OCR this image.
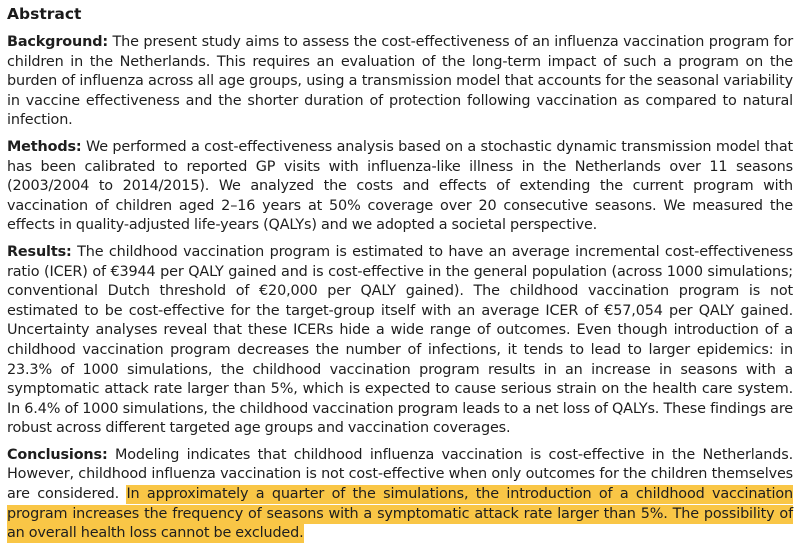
Abstract

Background: The present study aims to assess the cost-effectiveness of an influenza vaccination program for children in the Netherlands. This requires an evaluation of the long-term impact of such a program on the burden of influenza across all age groups, using a transmission model that accounts for the seasonal variability in vaccine effectiveness and the shorter duration of protection following vaccination as compared to natural infection.

Methods: We performed a cost-effectiveness analysis based on a stochastic dynamic transmission model that has been calibrated to reported GP visits with influenza-like illness in the Netherlands over 11 seasons (2003/2004 to 2014/2015). We analyzed the costs and effects of extending the current program with vaccination of children aged 2–16 years at 50% coverage over 20 consecutive seasons. We measured the effects in quality-adjusted life-years (QALYs) and we adopted a societal perspective.

Results: The childhood vaccination program is estimated to have an average incremental cost-effectiveness ratio (ICER) of €3944 per QALY gained and is cost-effective in the general population (across 1000 simulations; conventional Dutch threshold of €20,000 per QALY gained). The childhood vaccination program is not estimated to be cost-effective for the target-group itself with an average ICER of €57,054 per QALY gained. Uncertainty analyses reveal that these ICERs hide a wide range of outcomes. Even though introduction of a childhood vaccination program decreases the number of infections, it tends to lead to larger epidemics: in 23.3% of 1000 simulations, the childhood vaccination program results in an increase in seasons with a symptomatic attack rate larger than 5%, which is expected to cause serious strain on the health care system. In 6.4% of 1000 simulations, the childhood vaccination program leads to a net loss of QALYs. These findings are robust across different targeted age groups and vaccination coverages.

Conclusions: Modeling indicates that childhood influenza vaccination is cost-effective in the Netherlands. However, childhood influenza vaccination is not cost-effective when only outcomes for the children themselves are considered. In approximately a quarter of the simulations, the introduction of a childhood vaccination program increases the frequency of seasons with a symptomatic attack rate larger than 5%. The possibility of an overall health loss cannot be excluded.
